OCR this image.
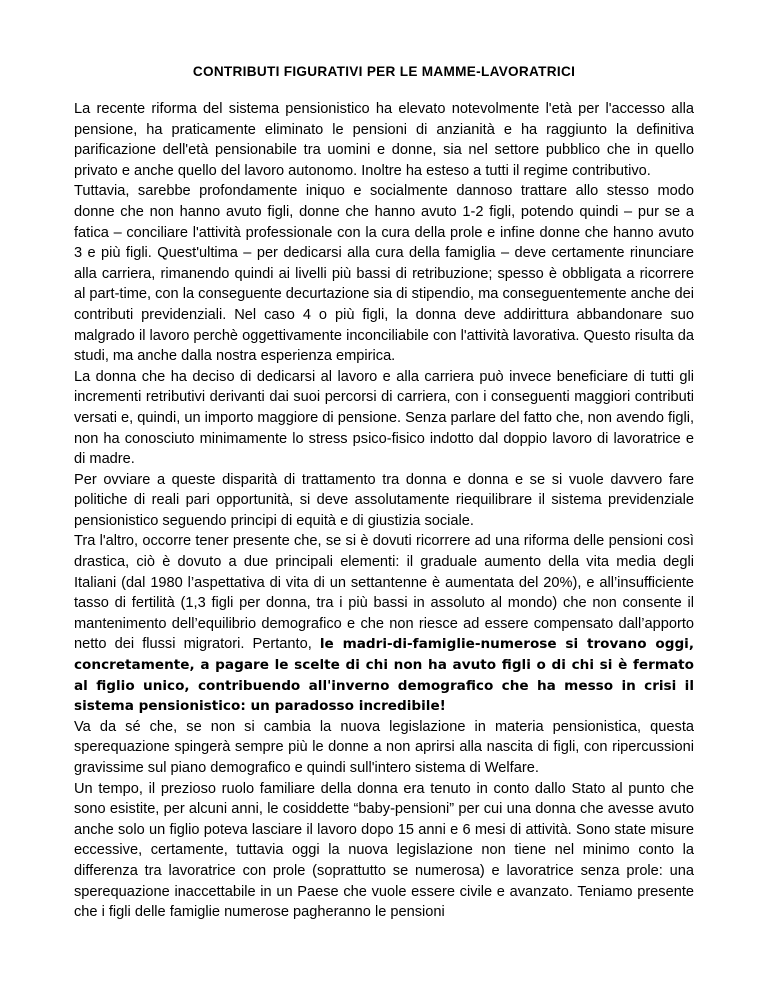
CONTRIBUTI FIGURATIVI PER LE MAMME-LAVORATRICI

La recente riforma del sistema pensionistico ha elevato notevolmente l'età per l'accesso alla pensione, ha praticamente eliminato le pensioni di anzianità e ha raggiunto la definitiva parificazione dell'età pensionabile tra uomini e donne, sia nel settore pubblico che in quello privato e anche quello del lavoro autonomo. Inoltre ha esteso a tutti il regime contributivo.

Tuttavia, sarebbe profondamente iniquo e socialmente dannoso trattare allo stesso modo donne che non hanno avuto figli, donne che hanno avuto 1-2 figli, potendo quindi – pur se a fatica – conciliare l'attività professionale con la cura della prole e infine donne che hanno avuto 3 e più figli. Quest'ultima – per dedicarsi alla cura della famiglia – deve certamente rinunciare alla carriera, rimanendo quindi ai livelli più bassi di retribuzione; spesso è obbligata a ricorrere al part-time, con la conseguente decurtazione sia di stipendio, ma conseguentemente anche dei contributi previdenziali. Nel caso 4 o più figli, la donna deve addirittura abbandonare suo malgrado il lavoro perchè oggettivamente inconciliabile con l'attività lavorativa. Questo risulta da studi, ma anche dalla nostra esperienza empirica.

La donna che ha deciso di dedicarsi al lavoro e alla carriera può invece beneficiare di tutti gli incrementi retributivi derivanti dai suoi percorsi di carriera, con i conseguenti maggiori contributi versati e, quindi, un importo maggiore di pensione. Senza parlare del fatto che, non avendo figli, non ha conosciuto minimamente lo stress psico-fisico indotto dal doppio lavoro di lavoratrice e di madre.

Per ovviare a queste disparità di trattamento tra donna e donna e se si vuole davvero fare politiche di reali pari opportunità, si deve assolutamente riequilibrare il sistema previdenziale pensionistico seguendo principi di equità e di giustizia sociale.

Tra l'altro, occorre tener presente che, se si è dovuti ricorrere ad una riforma delle pensioni così drastica, ciò è dovuto a due principali elementi: il graduale aumento della vita media degli Italiani (dal 1980 l’aspettativa di vita di un settantenne è aumentata del 20%), e all’insufficiente tasso di fertilità (1,3 figli per donna, tra i più bassi in assoluto al mondo) che non consente il mantenimento dell’equilibrio demografico e che non riesce ad essere compensato dall’apporto netto dei flussi migratori. Pertanto, le madri-di-famiglie-numerose si trovano oggi, concretamente, a pagare le scelte di chi non ha avuto figli o di chi si è fermato al figlio unico, contribuendo all'inverno demografico che ha messo in crisi il sistema pensionistico: un paradosso incredibile!

Va da sé che, se non si cambia la nuova legislazione in materia pensionistica, questa sperequazione spingerà sempre più le donne a non aprirsi alla nascita di figli, con ripercussioni gravissime sul piano demografico e quindi sull'intero sistema di Welfare.

Un tempo, il prezioso ruolo familiare della donna era tenuto in conto dallo Stato al punto che sono esistite, per alcuni anni, le cosiddette “baby-pensioni” per cui una donna che avesse avuto anche solo un figlio poteva lasciare il lavoro dopo 15 anni e 6 mesi di attività. Sono state misure eccessive, certamente, tuttavia oggi la nuova legislazione non tiene nel minimo conto la differenza tra lavoratrice con prole (soprattutto se numerosa) e lavoratrice senza prole: una sperequazione inaccettabile in un Paese che vuole essere civile e avanzato. Teniamo presente che i figli delle famiglie numerose pagheranno le pensioni
